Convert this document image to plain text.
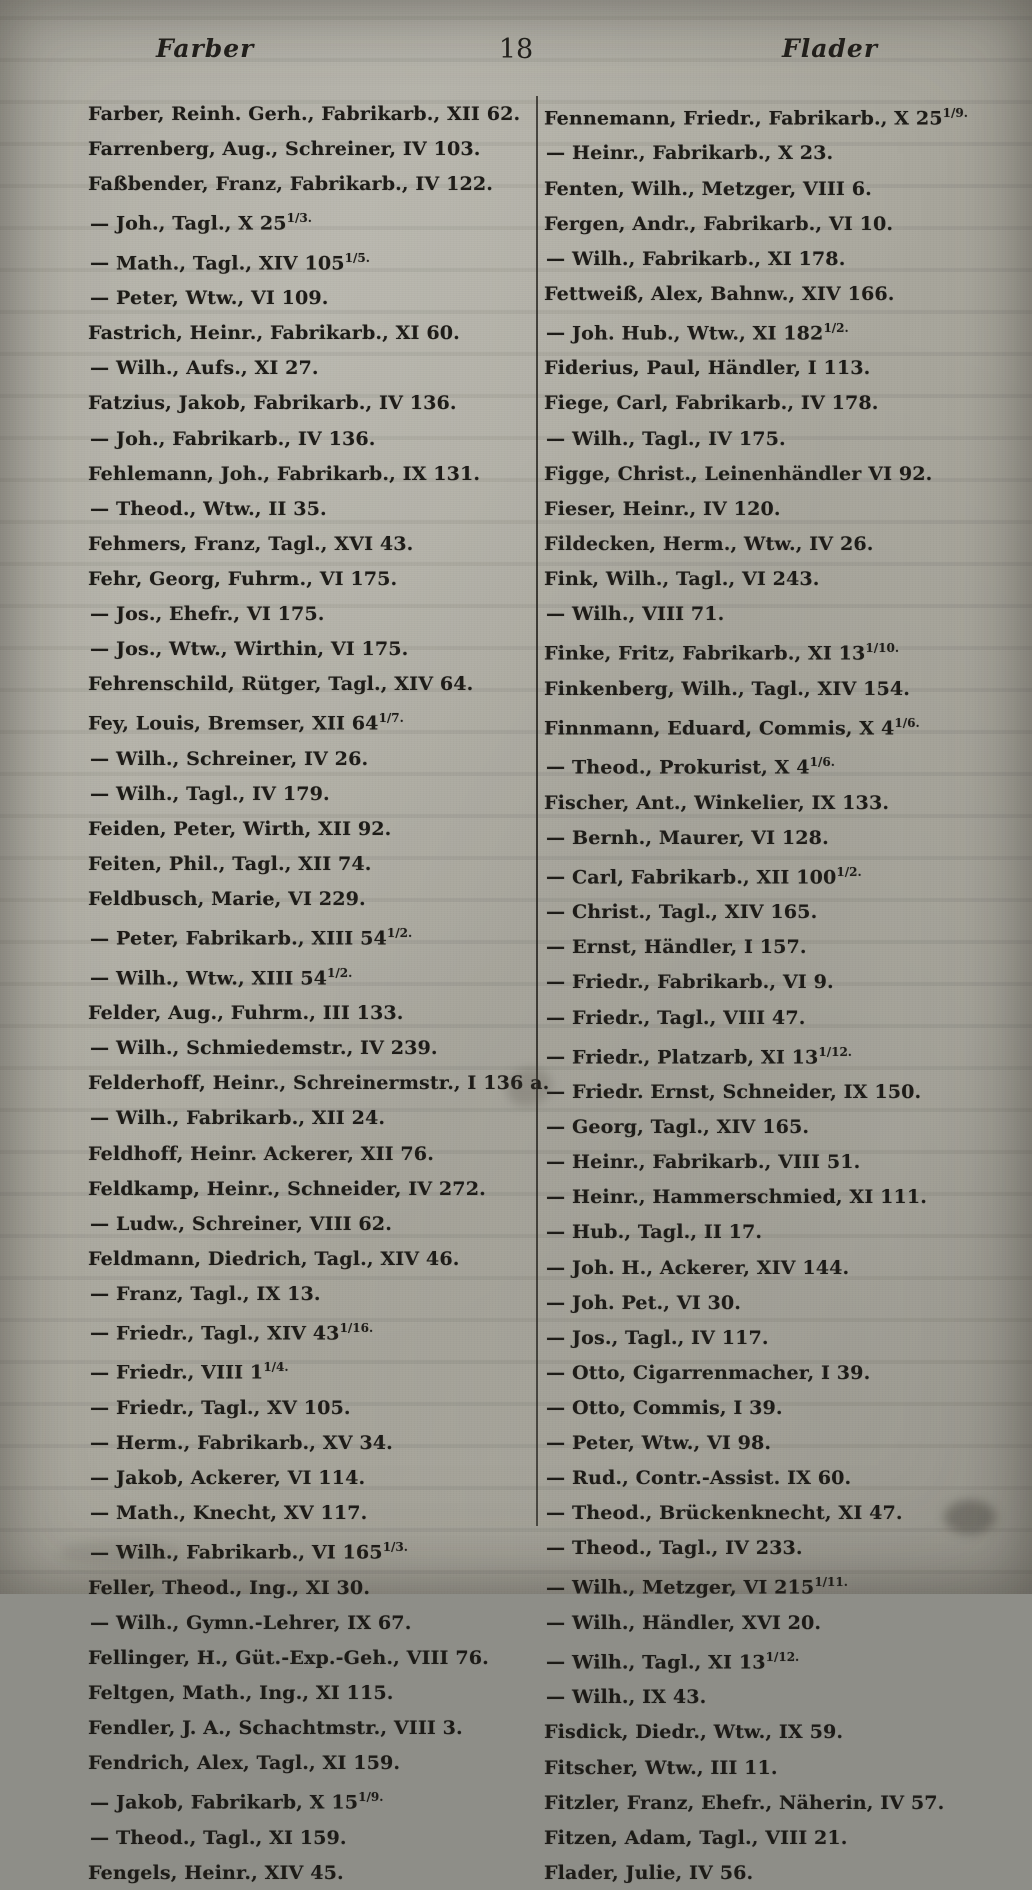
Farber	18	Flader
Farber, Reinh. Gerh., Fabrikarb., XII 62.
Farrenberg, Aug., Schreiner, IV 103.
Faßbender, Franz, Fabrikarb., IV 122.
— Joh., Tagl., X $25^{1/3.}$
— Math., Tagl., XIV $105^{1/5.}$
— Peter, Wtw., VI 109.
Fastrich, Heinr., Fabrikarb., XI 60.
— Wilh., Aufs., XI 27.
Fatzius, Jakob, Fabrikarb., IV 136.
— Joh., Fabrikarb., IV 136.
Fehlemann, Joh., Fabrikarb., IX 131.
— Theod., Wtw., II 35.
Fehmers, Franz, Tagl., XVI 43.
Fehr, Georg, Fuhrm., VI 175.
— Jos., Ehefr., VI 175.
— Jos., Wtw., Wirthin, VI 175.
Fehrenschild, Rütger, Tagl., XIV 64.
Fey, Louis, Bremser, XII $64^{1/7.}$
— Wilh., Schreiner, IV 26.
— Wilh., Tagl., IV 179.
Feiden, Peter, Wirth, XII 92.
Feiten, Phil., Tagl., XII 74.
Feldbusch, Marie, VI 229.
— Peter, Fabrikarb., XIII $54^{1/2.}$
— Wilh., Wtw., XIII $54^{1/2.}$
Felder, Aug., Fuhrm., III 133.
— Wilh., Schmiedemstr., IV 239.
Felderhoff, Heinr., Schreinermstr., I 136 a.
— Wilh., Fabrikarb., XII 24.
Feldhoff, Heinr. Ackerer, XII 76.
Feldkamp, Heinr., Schneider, IV 272.
— Ludw., Schreiner, VIII 62.
Feldmann, Diedrich, Tagl., XIV 46.
— Franz, Tagl., IX 13.
— Friedr., Tagl., XIV $43^{1/16.}$
— Friedr., VIII $1^{1/4.}$
— Friedr., Tagl., XV 105.
— Herm., Fabrikarb., XV 34.
— Jakob, Ackerer, VI 114.
— Math., Knecht, XV 117.
— Wilh., Fabrikarb., VI $165^{1/3.}$
Feller, Theod., Ing., XI 30.
— Wilh., Gymn.-Lehrer, IX 67.
Fellinger, H., Güt.-Exp.-Geh., VIII 76.
Feltgen, Math., Ing., XI 115.
Fendler, J. A., Schachtmstr., VIII 3.
Fendrich, Alex, Tagl., XI 159.
— Jakob, Fabrikarb, X $15^{1/9.}$
— Theod., Tagl., XI 159.
Fengels, Heinr., XIV 45.
Fennemann, Friedr., Fabrikarb., X $25^{1/9.}$
— Heinr., Fabrikarb., X 23.
Fenten, Wilh., Metzger, VIII 6.
Fergen, Andr., Fabrikarb., VI 10.
— Wilh., Fabrikarb., XI 178.
Fettweiß, Alex, Bahnw., XIV 166.
— Joh. Hub., Wtw., XI $182^{1/2.}$
Fiderius, Paul, Händler, I 113.
Fiege, Carl, Fabrikarb., IV 178.
— Wilh., Tagl., IV 175.
Figge, Christ., Leinenhändler VI 92.
Fieser, Heinr., IV 120.
Fildecken, Herm., Wtw., IV 26.
Fink, Wilh., Tagl., VI 243.
— Wilh., VIII 71.
Finke, Fritz, Fabrikarb., XI $13^{1/10.}$
Finkenberg, Wilh., Tagl., XIV 154.
Finnmann, Eduard, Commis, X $4^{1/6.}$
— Theod., Prokurist, X $4^{1/6.}$
Fischer, Ant., Winkelier, IX 133.
— Bernh., Maurer, VI 128.
— Carl, Fabrikarb., XII $100^{1/2.}$
— Christ., Tagl., XIV 165.
— Ernst, Händler, I 157.
— Friedr., Fabrikarb., VI 9.
— Friedr., Tagl., VIII 47.
— Friedr., Platzarb, XI $13^{1/12.}$
— Friedr. Ernst, Schneider, IX 150.
— Georg, Tagl., XIV 165.
— Heinr., Fabrikarb., VIII 51.
— Heinr., Hammerschmied, XI 111.
— Hub., Tagl., II 17.
— Joh. H., Ackerer, XIV 144.
— Joh. Pet., VI 30.
— Jos., Tagl., IV 117.
— Otto, Cigarrenmacher, I 39.
— Otto, Commis, I 39.
— Peter, Wtw., VI 98.
— Rud., Contr.-Assist. IX 60.
— Theod., Brückenknecht, XI 47.
— Theod., Tagl., IV 233.
— Wilh., Metzger, VI $215^{1/11.}$
— Wilh., Händler, XVI 20.
— Wilh., Tagl., XI $13^{1/12.}$
— Wilh., IX 43.
Fisdick, Diedr., Wtw., IX 59.
Fitscher, Wtw., III 11.
Fitzler, Franz, Ehefr., Näherin, IV 57.
Fitzen, Adam, Tagl., VIII 21.
Flader, Julie, IV 56.
